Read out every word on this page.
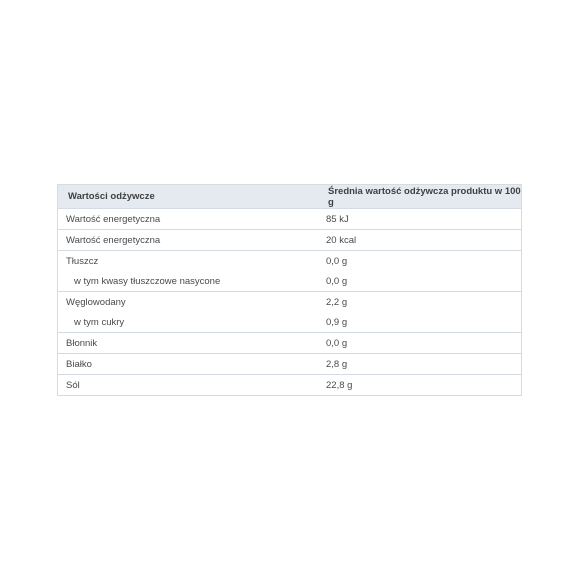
Wartości odżywcze	Średnia wartość odżywcza produktu w 100 g
Wartość energetyczna	85 kJ
Wartość energetyczna	20 kcal
Tłuszcz	0,0 g
w tym kwasy tłuszczowe nasycone	0,0 g
Węglowodany	2,2 g
w tym cukry	0,9 g
Błonnik	0,0 g
Białko	2,8 g
Sól	22,8 g
